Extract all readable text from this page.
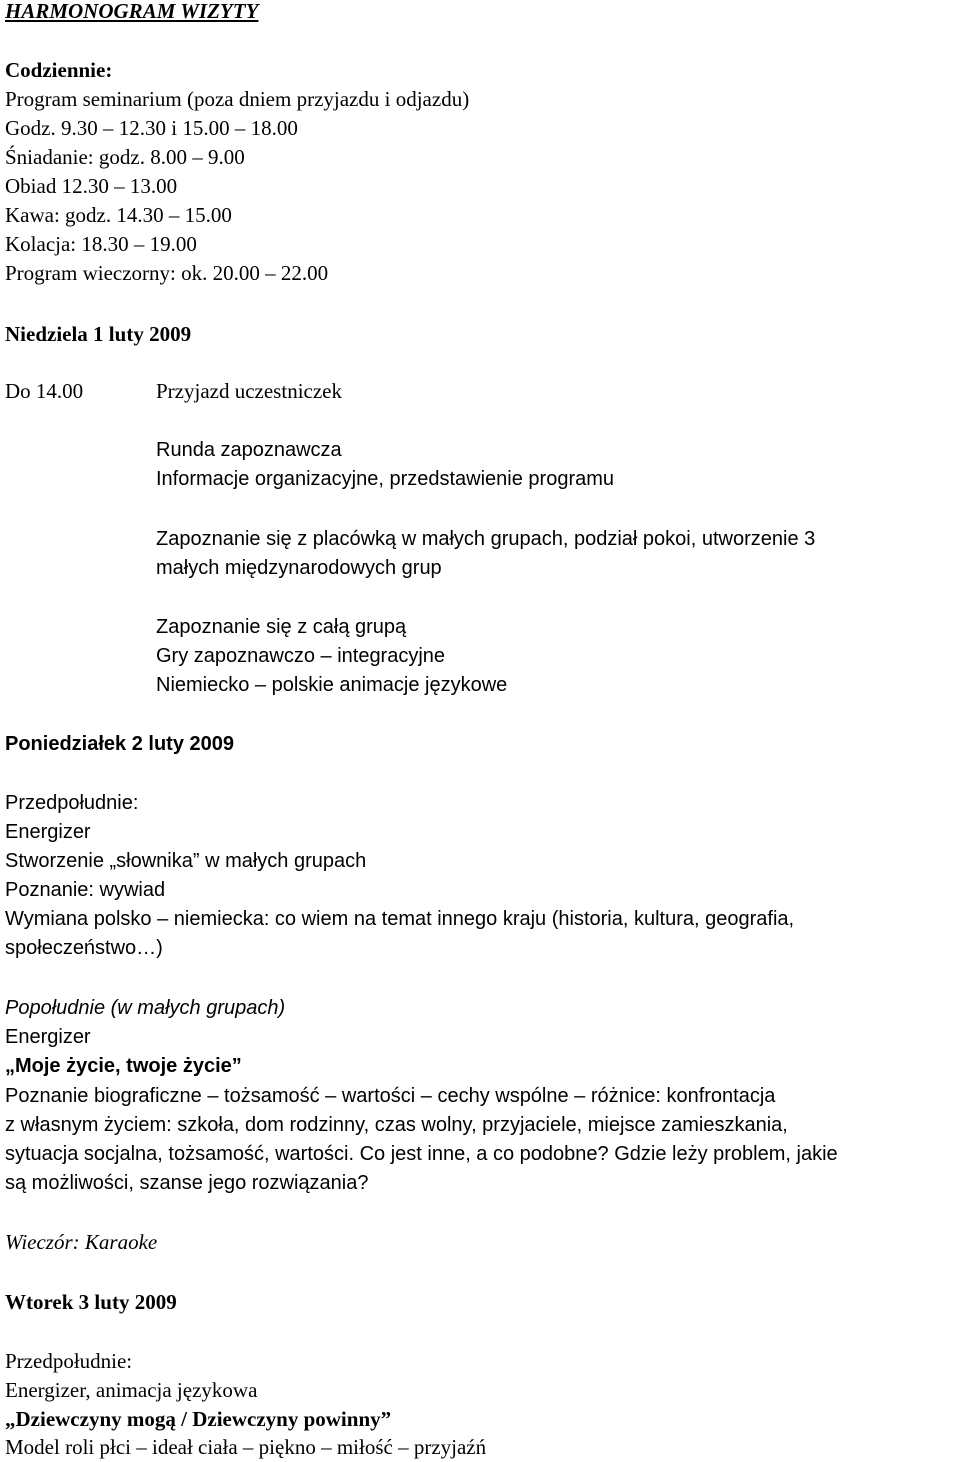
HARMONOGRAM WIZYTY
Codziennie:
Program seminarium (poza dniem przyjazdu i odjazdu)
Godz. 9.30 – 12.30 i 15.00 – 18.00
Śniadanie: godz. 8.00 – 9.00
Obiad 12.30 – 13.00
Kawa: godz. 14.30 – 15.00
Kolacja: 18.30 – 19.00
Program wieczorny: ok. 20.00 – 22.00
Niedziela 1 luty 2009
Do 14.00	Przyjazd uczestniczek
Runda zapoznawcza
Informacje organizacyjne, przedstawienie programu
Zapoznanie się z placówką w małych grupach, podział pokoi, utworzenie 3
małych międzynarodowych grup
Zapoznanie się z całą grupą
Gry zapoznawczo – integracyjne
Niemiecko – polskie animacje językowe
Poniedziałek 2 luty 2009
Przedpołudnie:
Energizer
Stworzenie „słownika” w małych grupach
Poznanie: wywiad
Wymiana polsko – niemiecka: co wiem na temat innego kraju (historia, kultura, geografia,
społeczeństwo…)
Popołudnie (w małych grupach)
Energizer
„Moje życie, twoje życie”
Poznanie biograficzne – tożsamość – wartości – cechy wspólne – różnice: konfrontacja
z własnym życiem: szkoła, dom rodzinny, czas wolny, przyjaciele, miejsce zamieszkania,
sytuacja socjalna, tożsamość, wartości. Co jest inne, a co podobne? Gdzie leży problem, jakie
są możliwości, szanse jego rozwiązania?
Wieczór: Karaoke
Wtorek 3 luty 2009
Przedpołudnie:
Energizer, animacja językowa
„Dziewczyny mogą / Dziewczyny powinny”
Model roli płci – ideał ciała – piękno – miłość – przyjaźń
